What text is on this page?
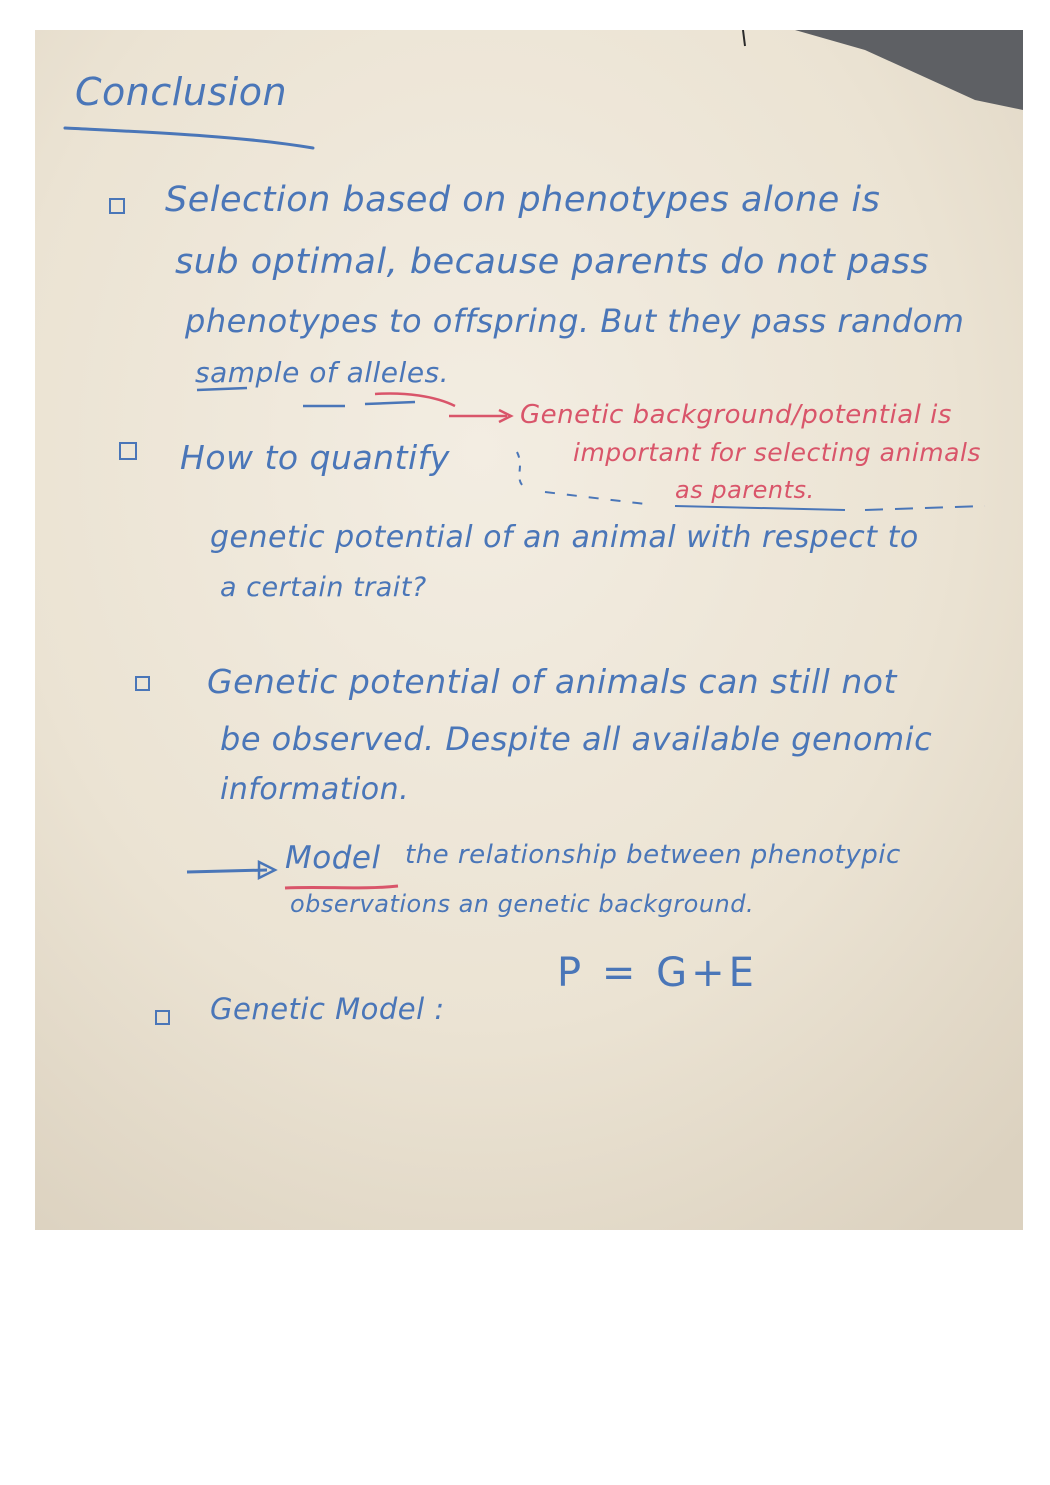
Conclusion
Selection based on phenotypes alone is
sub optimal, because parents do not pass
phenotypes to offspring. But they pass random
sample of alleles.
Genetic background/potential is
important for selecting animals
as parents.
How to quantify
genetic potential of an animal with respect to
a certain trait?
Genetic potential of animals can still not
be observed. Despite all available genomic
information.
Model the relationship between phenotypic
observations an genetic background.
Genetic Model :
P = G+E
